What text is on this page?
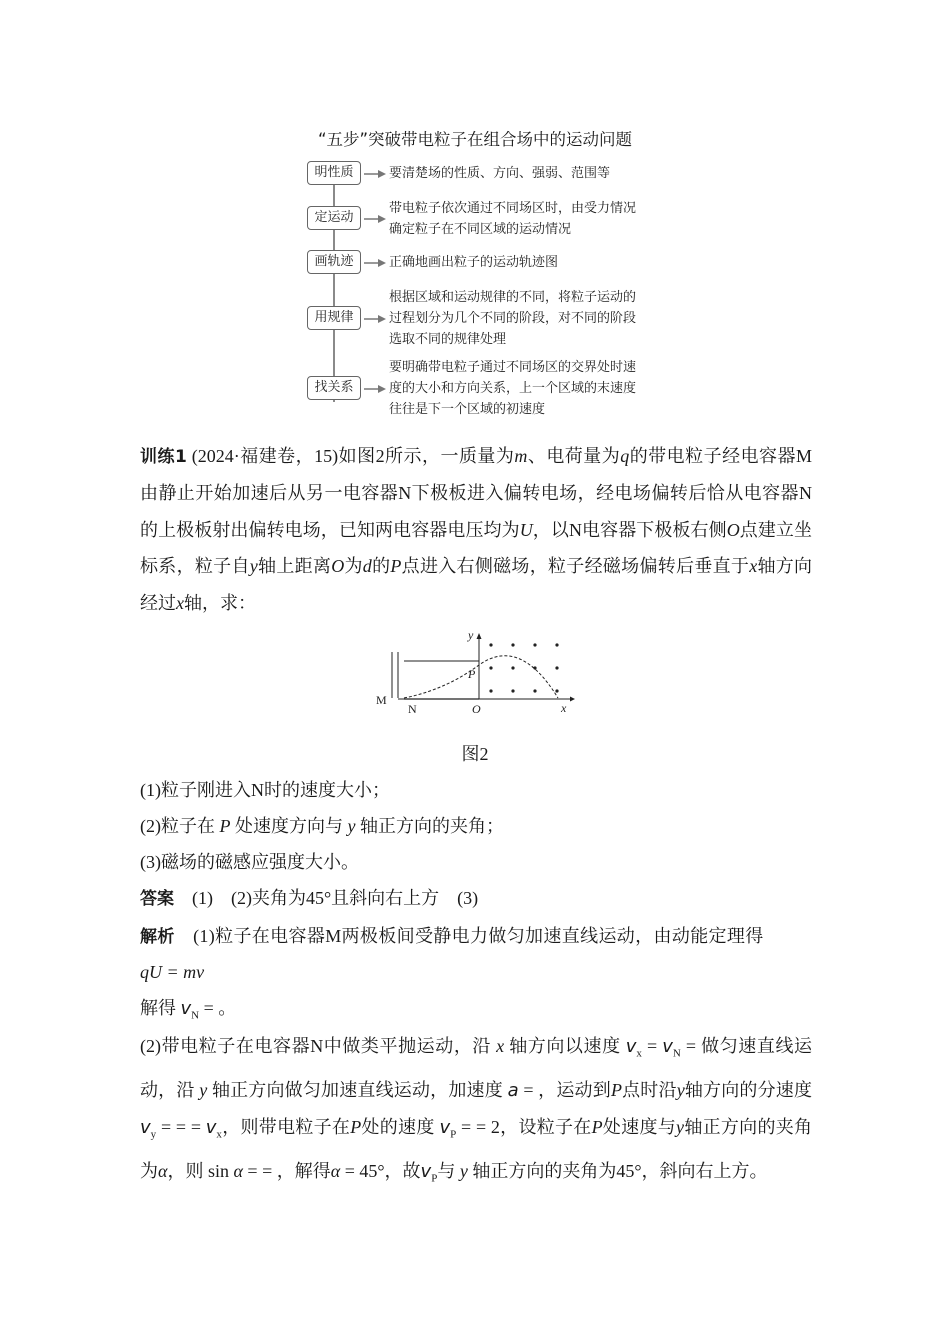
“五步”突破带电粒子在组合场中的运动问题
明性质	要清楚场的性质、方向、强弱、范围等
定运动
带电粒子依次通过不同场区时，由受力情况确定粒子在不同区域的运动情况
画轨迹	正确地画出粒子的运动轨迹图
用规律
根据区域和运动规律的不同，将粒子运动的过程划分为几个不同的阶段，对不同的阶段选取不同的规律处理
找关系
要明确带电粒子通过不同场区的交界处时速度的大小和方向关系，上一个区域的末速度往往是下一个区域的初速度
训练1 (2024·福建卷，15)如图2所示，一质量为m、电荷量为q的带电粒子经电容器M由静止开始加速后从另一电容器N下极板进入偏转电场，经电场偏转后恰从电容器N的上极板射出偏转电场，已知两电容器电压均为U，以N电容器下极板右侧O点建立坐标系，粒子自y轴上距离O为d的P点进入右侧磁场，粒子经磁场偏转后垂直于x轴方向经过x轴，求：
y
P
M
N	O	x
图2
(1)粒子刚进入N时的速度大小；
(2)粒子在 P 处速度方向与 y 轴正方向的夹角；
(3)磁场的磁感应强度大小。
答案　 (1)　(2)夹角为45°且斜向右上方　(3)
解析　 (1)粒子在电容器M两极板间受静电力做匀加速直线运动，由动能定理得
qU = mv
解得 $v_N$ = 。
(2)带电粒子在电容器N中做类平抛运动，沿 x 轴方向以速度 $v_x = v_N$ = 做匀速直线运动，沿 y 轴正方向做匀加速直线运动，加速度 a = ，运动到P点时沿y轴方向的分速度 $v_y$ = = = $v_x$，则带电粒子在P处的速度 $v_P$ = = 2，设粒子在P处速度与y轴正方向的夹角为α，则 sin α = = ，解得α = 45°，故$v_P$与 y 轴正方向的夹角为45°，斜向右上方。
